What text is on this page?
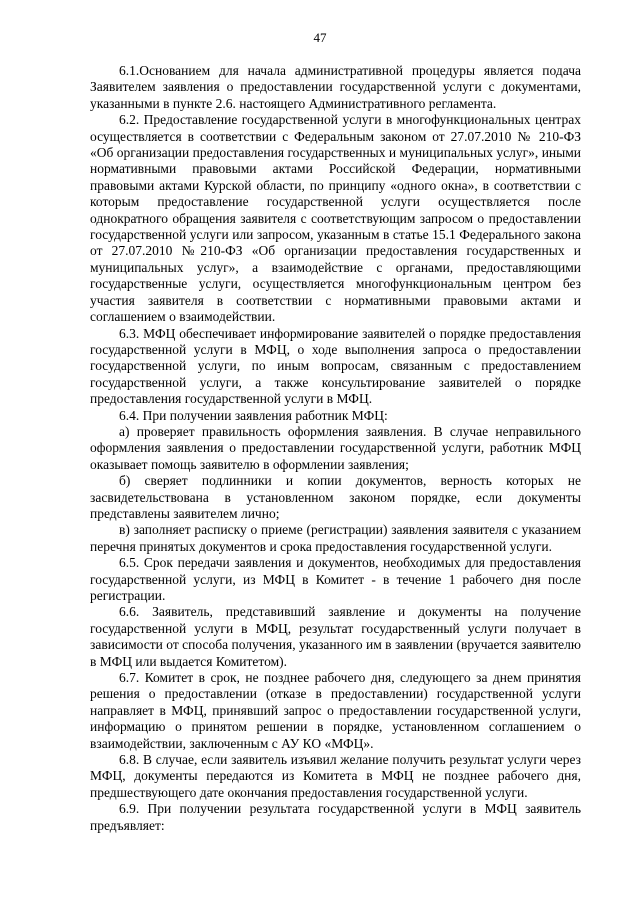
47

6.1.Основанием для начала административной процедуры является подача Заявителем заявления о предоставлении государственной услуги с документами, указанными в пункте 2.6. настоящего Административного регламента.

6.2. Предоставление государственной услуги в многофункциональных центрах осуществляется в соответствии с Федеральным законом от 27.07.2010 № 210-ФЗ «Об организации предоставления государственных и муниципальных услуг», иными нормативными правовыми актами Российской Федерации, нормативными правовыми актами Курской области, по принципу «одного окна», в соответствии с которым предоставление государственной услуги осуществляется после однократного обращения заявителя с соответствующим запросом о предоставлении государственной услуги или запросом, указанным в статье 15.1 Федерального закона от 27.07.2010 №210-ФЗ «Об организации предоставления государственных и муниципальных услуг», а взаимодействие с органами, предоставляющими государственные услуги, осуществляется многофункциональным центром без участия заявителя в соответствии с нормативными правовыми актами и соглашением о взаимодействии.

6.3. МФЦ обеспечивает информирование заявителей о порядке предоставления государственной услуги в МФЦ, о ходе выполнения запроса о предоставлении государственной услуги, по иным вопросам, связанным с предоставлением государственной услуги, а также консультирование заявителей о порядке предоставления государственной услуги в МФЦ.

6.4. При получении заявления работник МФЦ:

а) проверяет правильность оформления заявления. В случае неправильного оформления заявления о предоставлении государственной услуги, работник МФЦ оказывает помощь заявителю в оформлении заявления;

б) сверяет подлинники и копии документов, верность которых не засвидетельствована в установленном законом порядке, если документы представлены заявителем лично;

в) заполняет расписку о приеме (регистрации) заявления заявителя с указанием перечня принятых документов и срока предоставления государственной услуги.

6.5. Срок передачи заявления и документов, необходимых для предоставления государственной услуги, из МФЦ в Комитет - в течение 1 рабочего дня после регистрации.

6.6. Заявитель, представивший заявление и документы на получение государственной услуги в МФЦ, результат государственный услуги получает в зависимости от способа получения, указанного им в заявлении (вручается заявителю в МФЦ или выдается Комитетом).

6.7. Комитет в срок, не позднее рабочего дня, следующего за днем принятия решения о предоставлении (отказе в предоставлении) государственной услуги направляет в МФЦ, принявший запрос о предоставлении государственной услуги, информацию о принятом решении в порядке, установленном соглашением о взаимодействии, заключенным с АУ КО «МФЦ».

6.8. В случае, если заявитель изъявил желание получить результат услуги через МФЦ, документы передаются из Комитета в МФЦ не позднее рабочего дня, предшествующего дате окончания предоставления государственной услуги.

6.9. При получении результата государственной услуги в МФЦ заявитель предъявляет:
